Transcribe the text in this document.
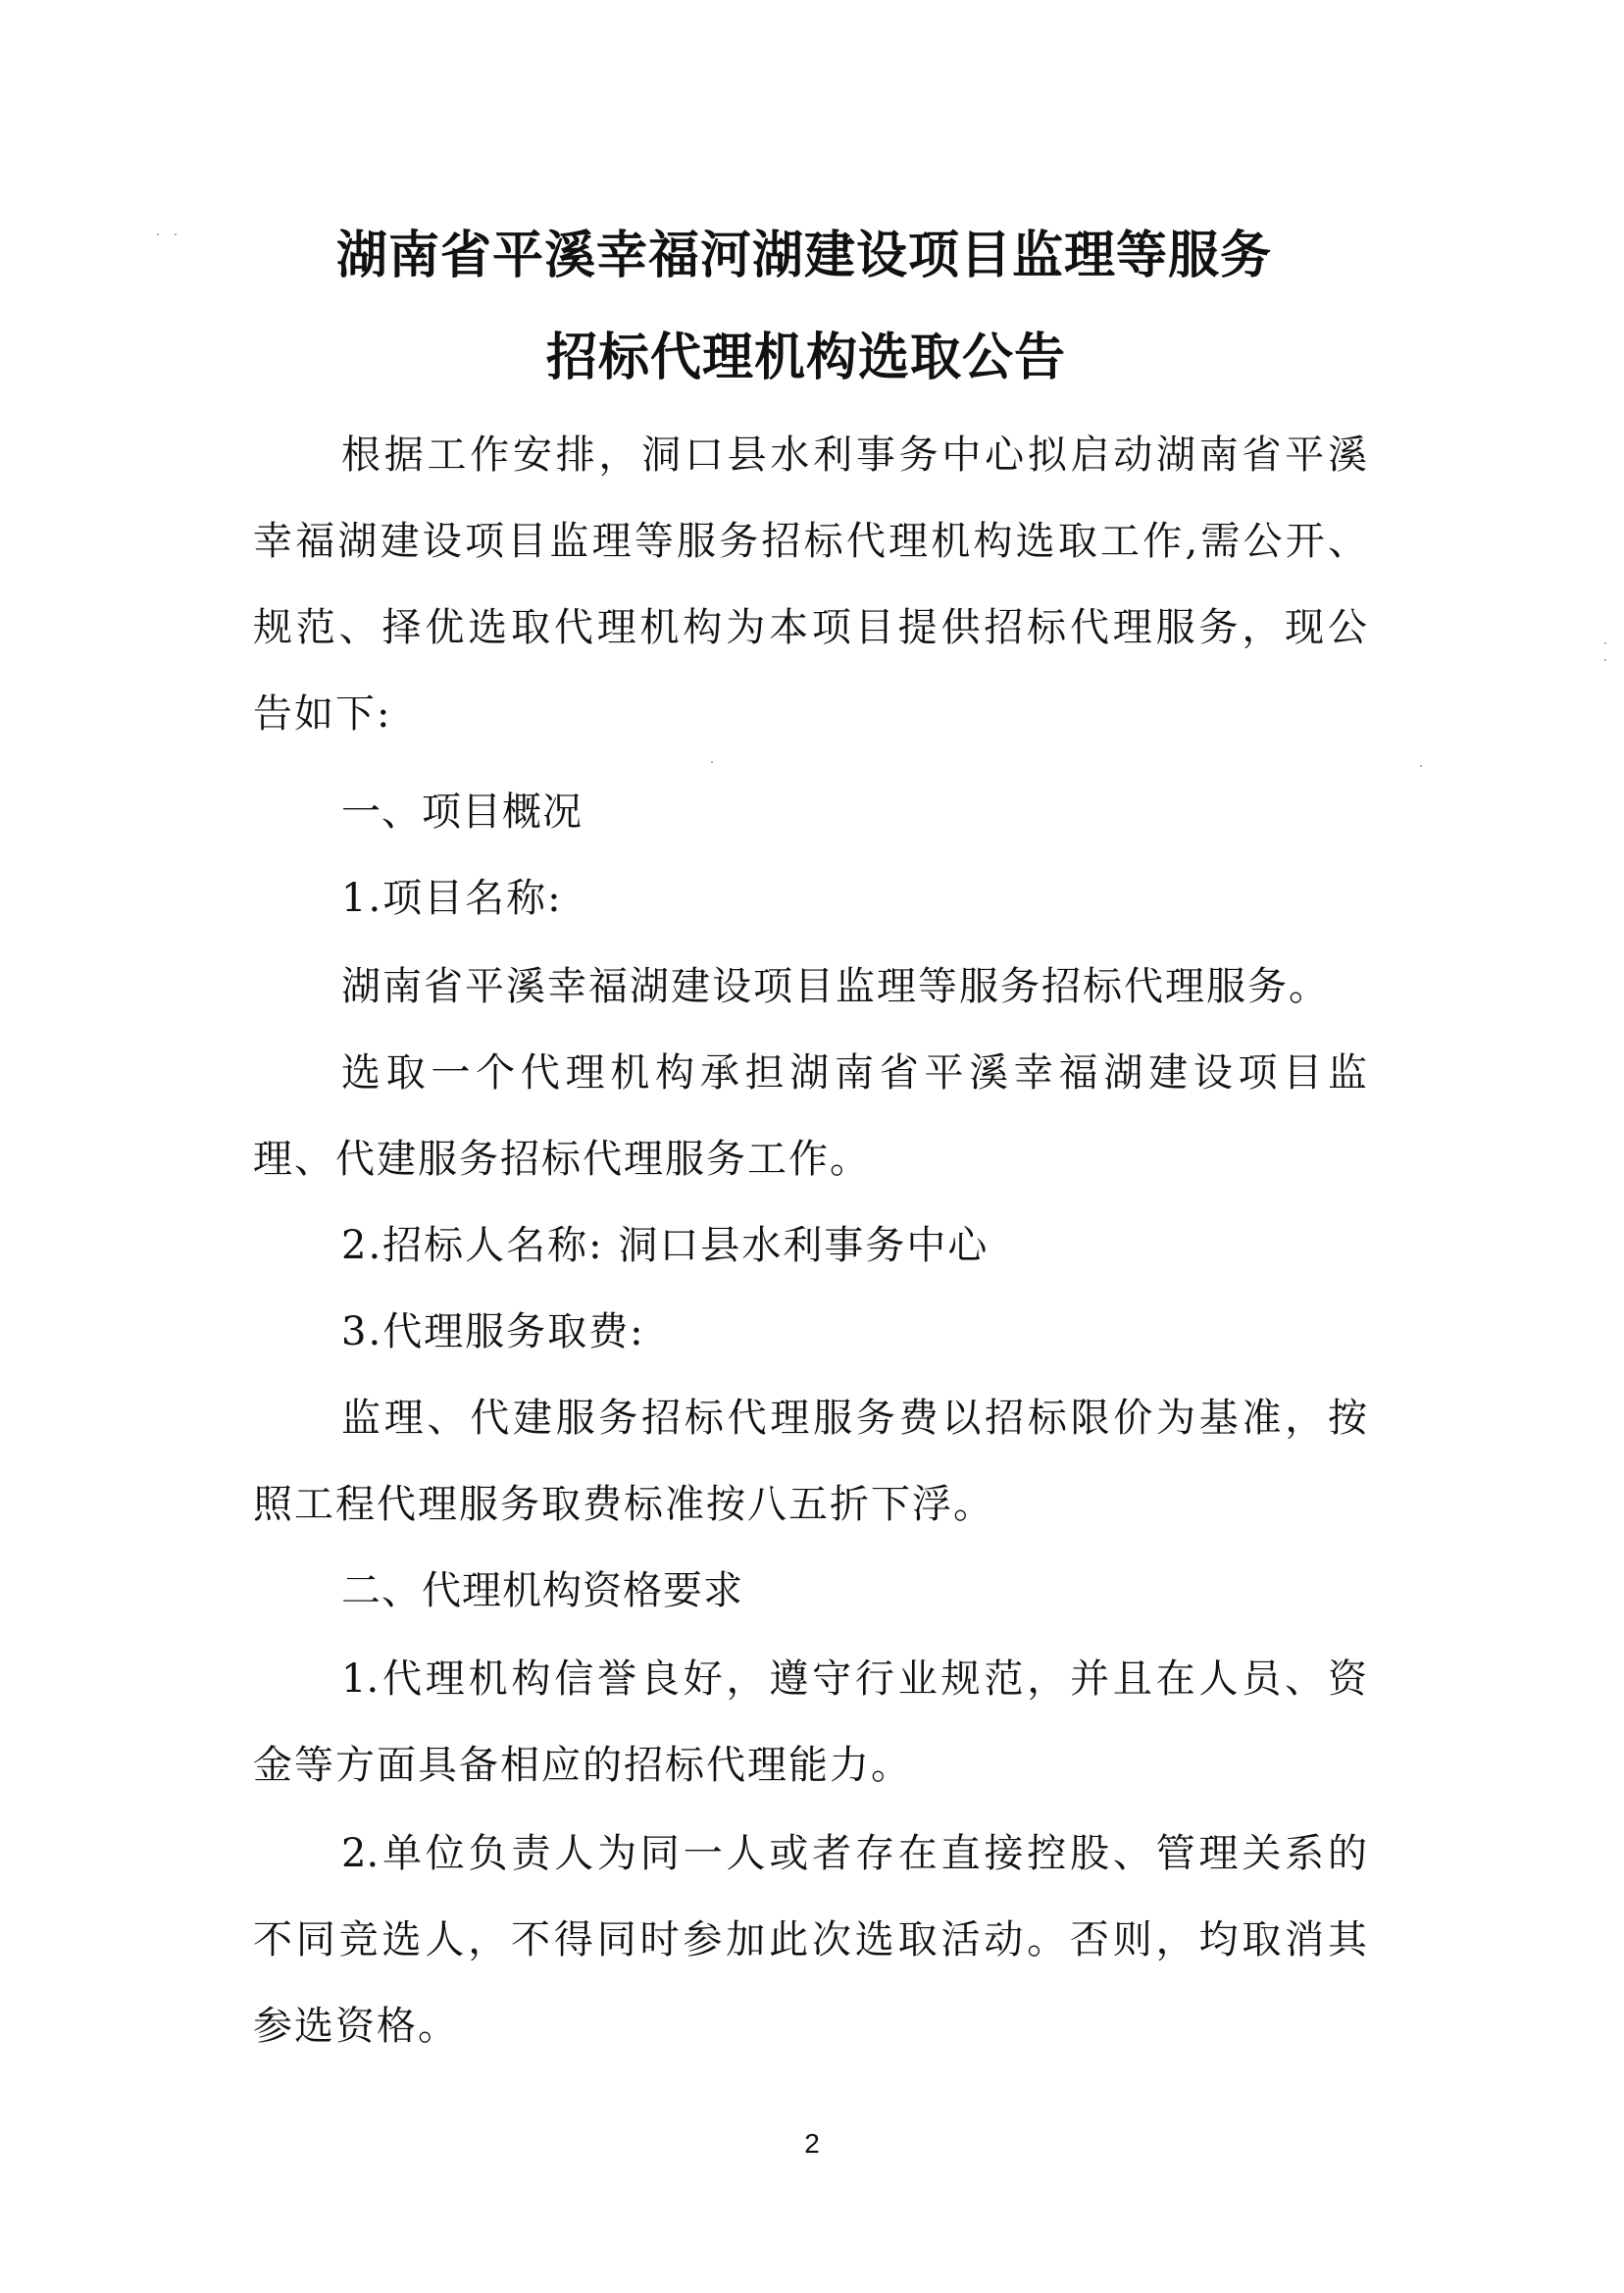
湖南省平溪幸福河湖建设项目监理等服务
招标代理机构选取公告

根据工作安排，洞口县水利事务中心拟启动湖南省平溪

幸福湖建设项目监理等服务招标代理机构选取工作,需公开、

规范、择优选取代理机构为本项目提供招标代理服务，现公

告如下:

一、项目概况

1.项目名称:

湖南省平溪幸福湖建设项目监理等服务招标代理服务。

选取一个代理机构承担湖南省平溪幸福湖建设项目监

理、代建服务招标代理服务工作。

2.招标人名称: 洞口县水利事务中心

3.代理服务取费:

监理、代建服务招标代理服务费以招标限价为基准，按

照工程代理服务取费标准按八五折下浮。

二、代理机构资格要求

1.代理机构信誉良好，遵守行业规范，并且在人员、资

金等方面具备相应的招标代理能力。

2.单位负责人为同一人或者存在直接控股、管理关系的

不同竞选人，不得同时参加此次选取活动。否则，均取消其

参选资格。

2
